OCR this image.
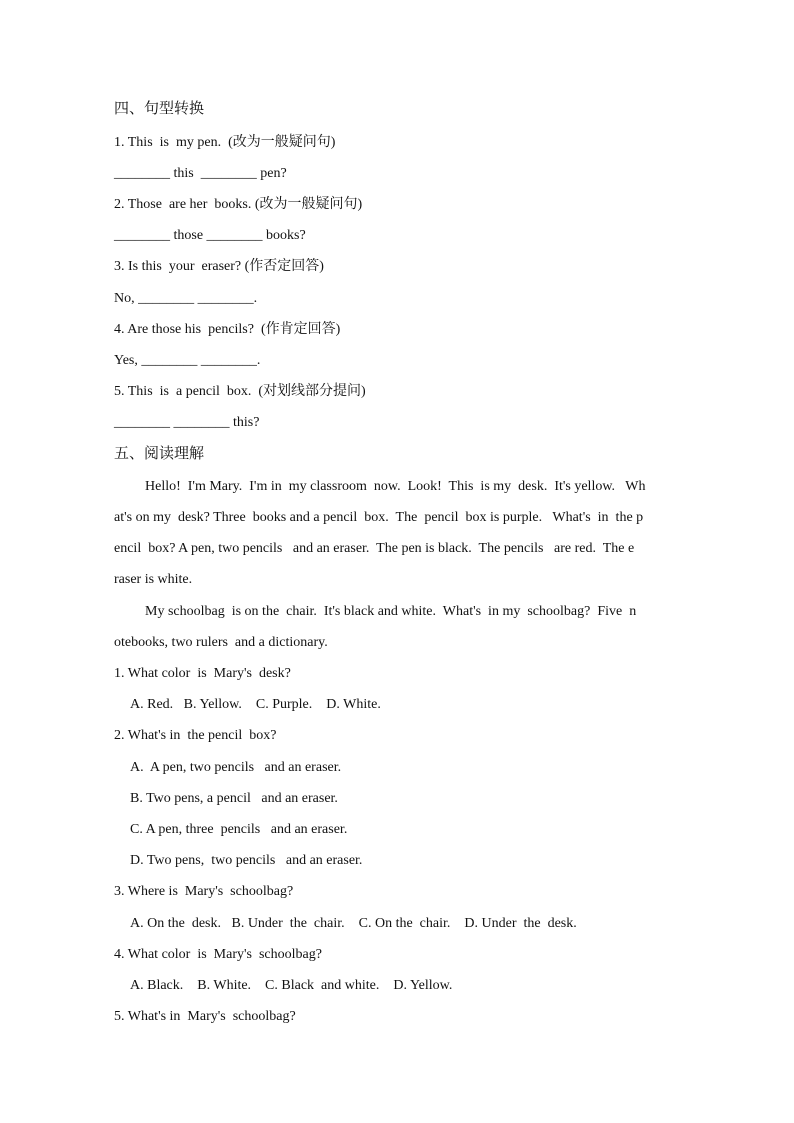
四、句型转换
1. This  is  my pen.  (改为一般疑问句)
________ this  ________ pen?
2. Those  are her  books. (改为一般疑问句)
________ those ________ books?
3. Is this  your  eraser? (作否定回答)
No, ________ ________.
4. Are those his  pencils?  (作肯定回答)
Yes, ________ ________.
5. This  is  a pencil  box.  (对划线部分提问)
________ ________ this?
五、阅读理解
Hello!  I'm Mary.  I'm in  my classroom  now.  Look!  This  is my  desk.  It's yellow.   Wh
at's on my  desk? Three  books and a pencil  box.  The  pencil  box is purple.   What's  in  the p
encil  box? A pen, two pencils   and an eraser.  The pen is black.  The pencils   are red.  The e
raser is white.
My schoolbag  is on the  chair.  It's black and white.  What's  in my  schoolbag?  Five  n
otebooks, two rulers  and a dictionary.
1. What color  is  Mary's  desk?
A. Red.   B. Yellow.    C. Purple.    D. White.
2. What's in  the pencil  box?
A.  A pen, two pencils   and an eraser.
B. Two pens, a pencil   and an eraser.
C. A pen, three  pencils   and an eraser.
D. Two pens,  two pencils   and an eraser.
3. Where is  Mary's  schoolbag?
A. On the  desk.   B. Under  the  chair.    C. On the  chair.    D. Under  the  desk.
4. What color  is  Mary's  schoolbag?
A. Black.    B. White.    C. Black  and white.    D. Yellow.
5. What's in  Mary's  schoolbag?
